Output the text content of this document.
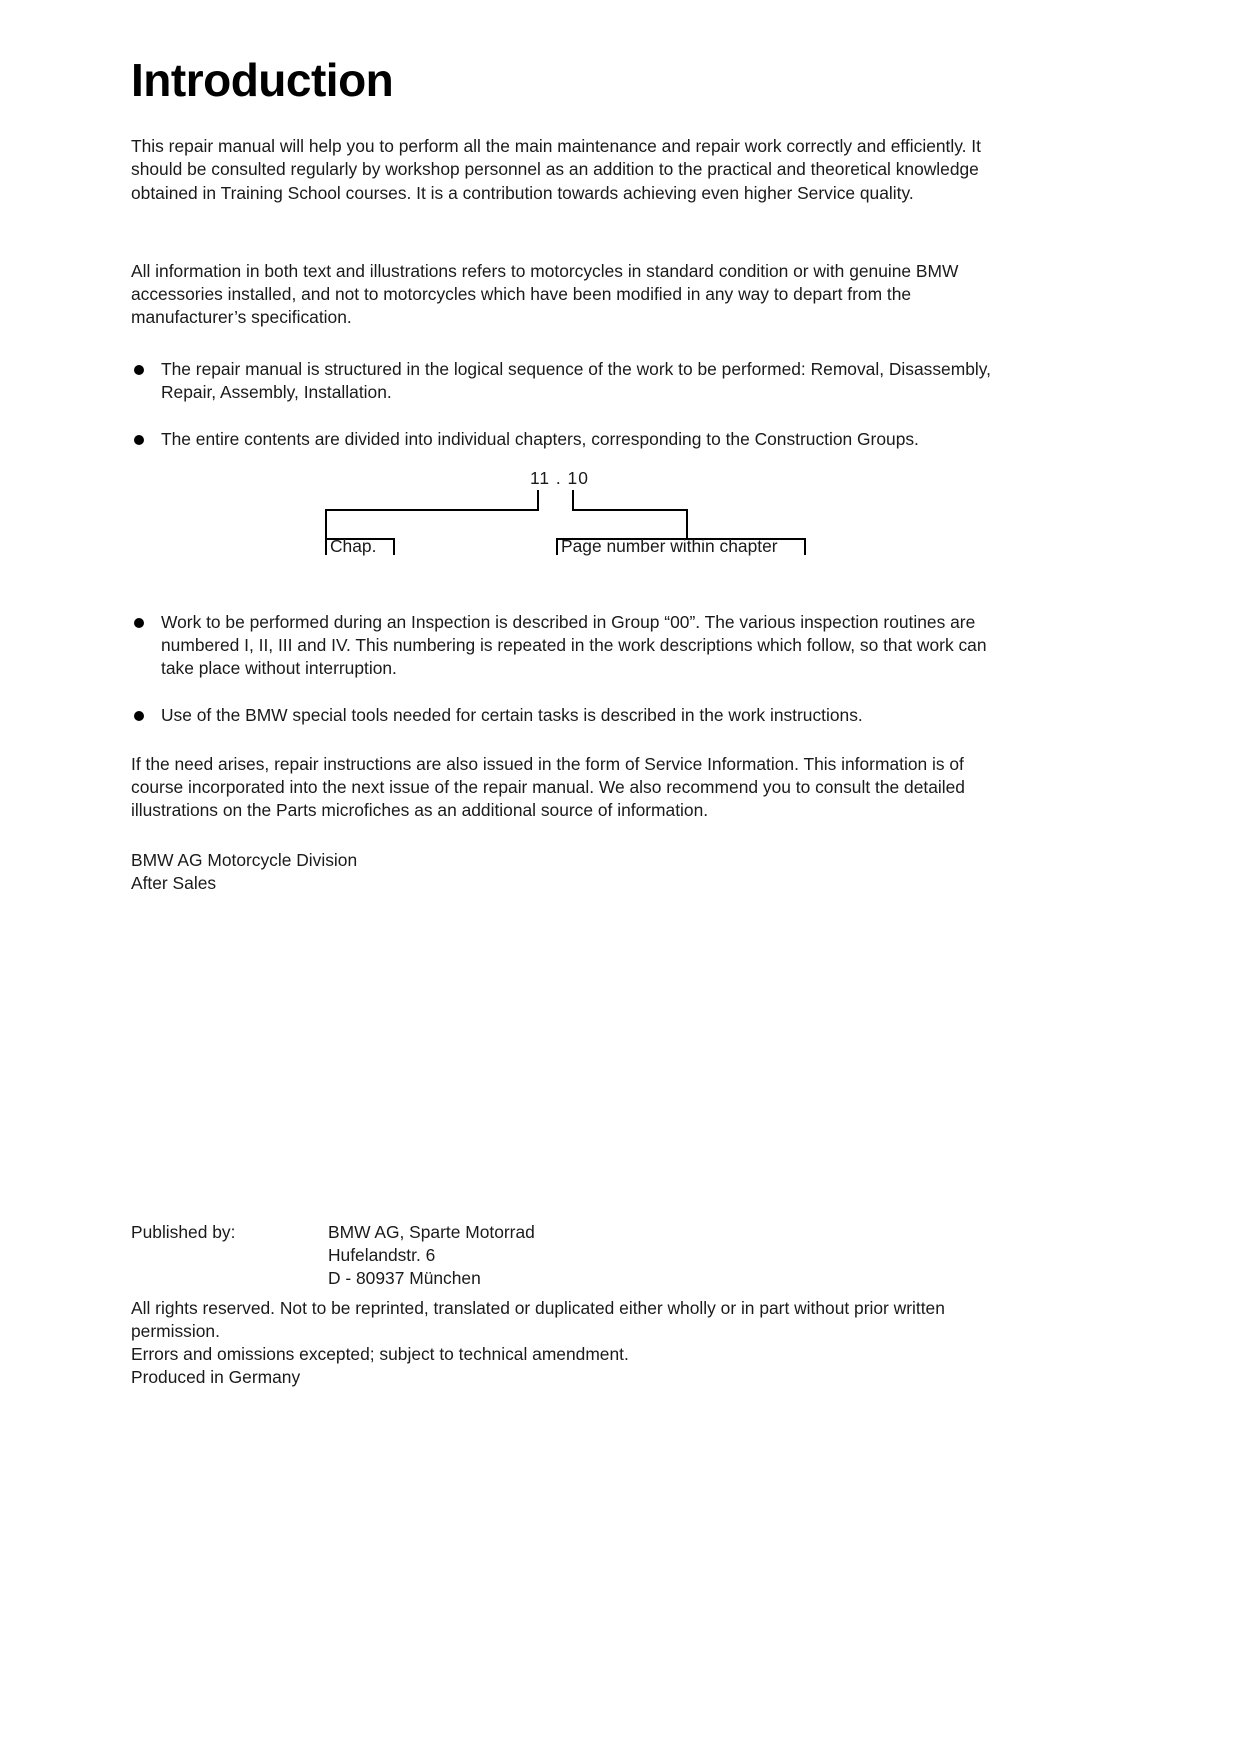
Introduction

This repair manual will help you to perform all the main maintenance and repair work correctly and efficiently. It should be consulted regularly by workshop personnel as an addition to the practical and theoretical knowledge obtained in Training School courses. It is a contribution towards achieving even higher Service quality.

All information in both text and illustrations refers to motorcycles in standard condition or with genuine BMW accessories installed, and not to motorcycles which have been modified in any way to depart from the manufacturer’s specification.

The repair manual is structured in the logical sequence of the work to be performed: Removal, Disassembly, Repair, Assembly, Installation.
The entire contents are divided into individual chapters, corresponding to the Construction Groups.
11 . 10
Chap.	Page number within chapter
Work to be performed during an Inspection is described in Group “00”. The various inspection routines are numbered I, II, III and IV. This numbering is repeated in the work descriptions which follow, so that work can take place without interruption.
Use of the BMW special tools needed for certain tasks is described in the work instructions.

If the need arises, repair instructions are also issued in the form of Service Information. This information is of course incorporated into the next issue of the repair manual. We also recommend you to consult the detailed illustrations on the Parts microfiches as an additional source of information.

BMW AG Motorcycle Division
After Sales
Published by:	BMW AG, Sparte Motorrad
Hufelandstr. 6
D - 80937 München

All rights reserved. Not to be reprinted, translated or duplicated either wholly or in part without prior written permission.

Errors and omissions excepted; subject to technical amendment.

Produced in Germany
